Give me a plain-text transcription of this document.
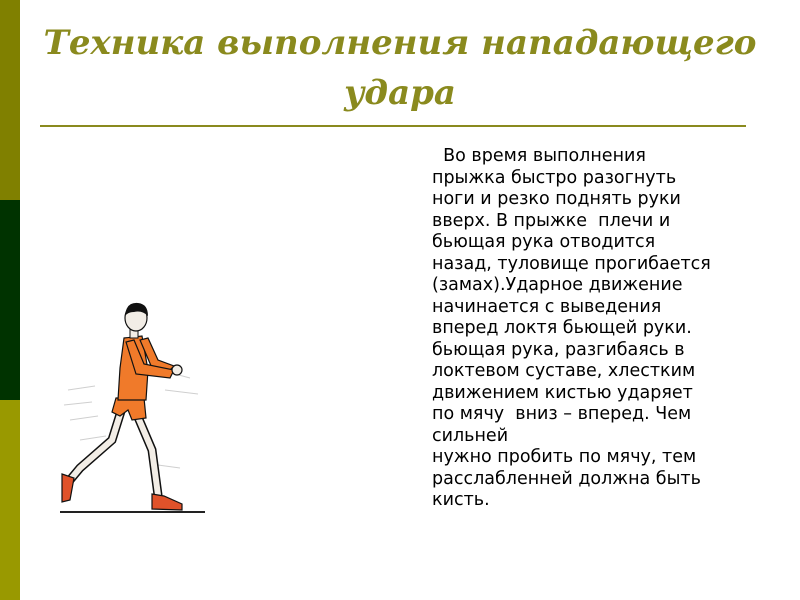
Техника выполнения нападающего удара
Во время выполнения
прыжка быстро разогнуть
ноги и резко поднять руки
вверх. В прыжке  плечи и
бьющая рука отводится
назад, туловище прогибается
(замах).Ударное движение
начинается с выведения
вперед локтя бьющей руки.
бьющая рука, разгибаясь в
локтевом суставе, хлестким
движением кистью ударяет
по мячу  вниз – вперед. Чем
сильней
нужно пробить по мячу, тем
расслабленней должна быть
кисть.
